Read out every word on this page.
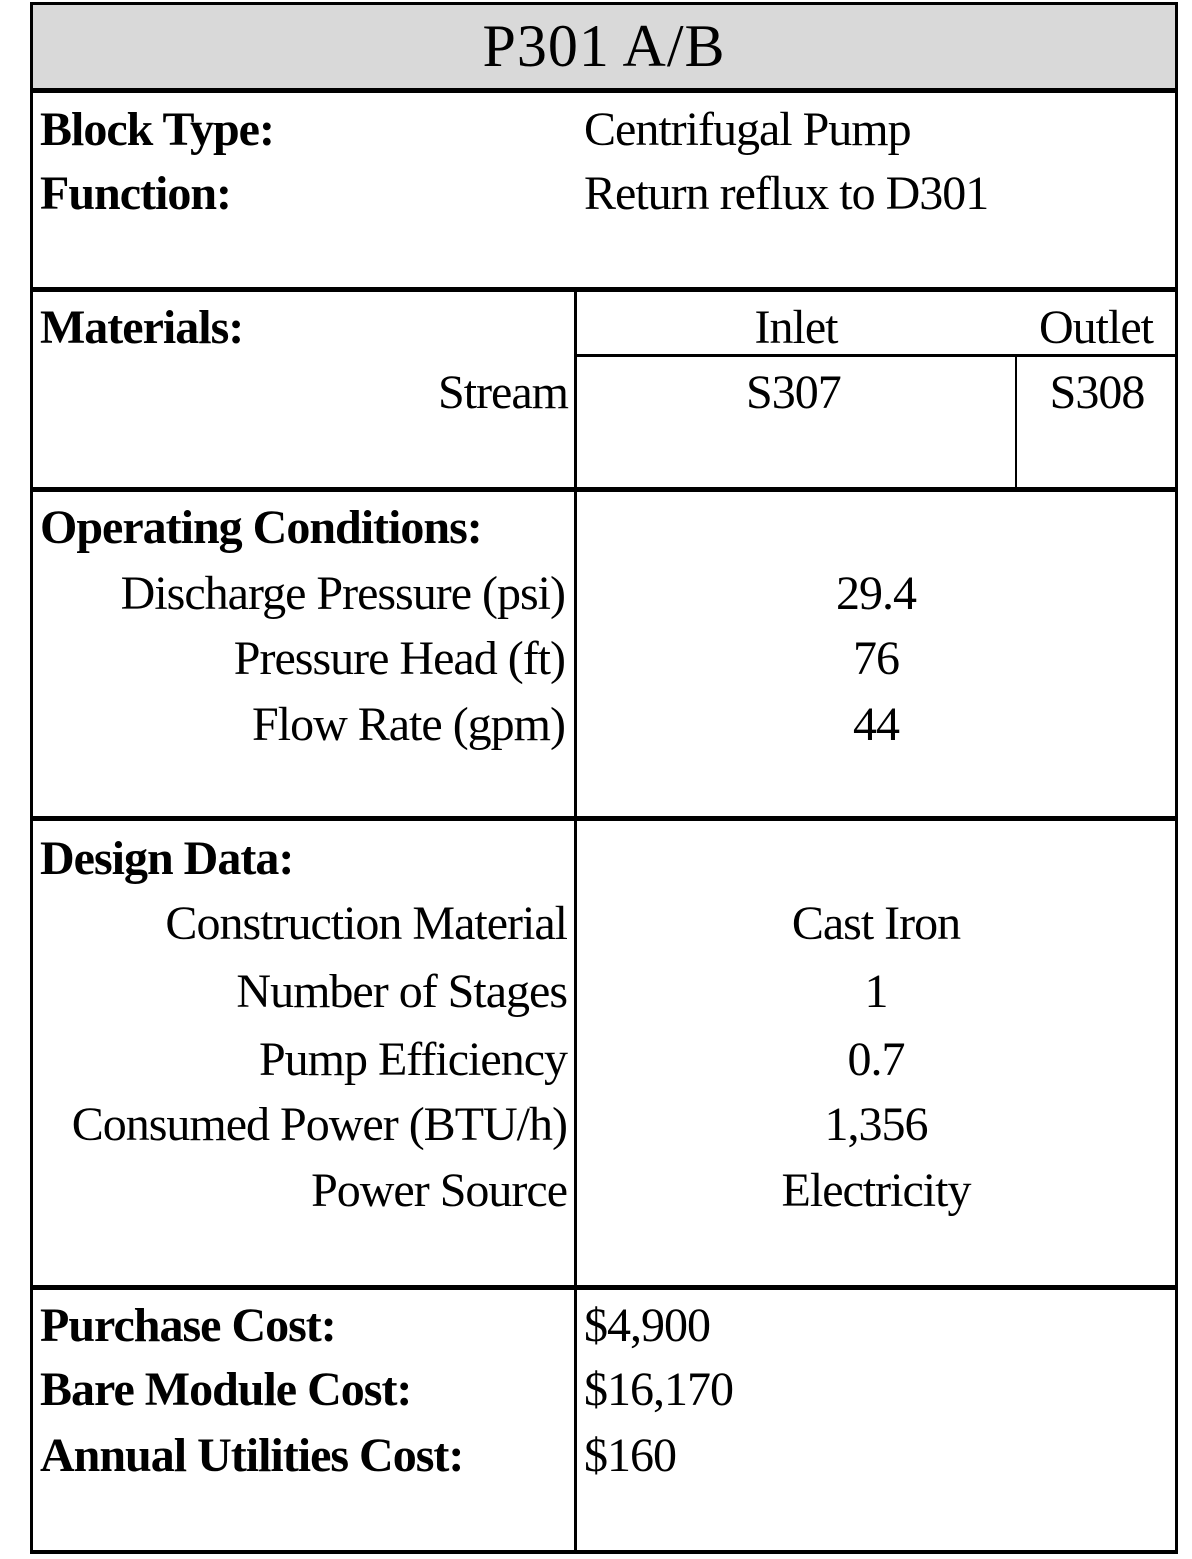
P301 A/B
Block Type:	Centrifugal Pump
Function:	Return reflux to D301
Materials:	Inlet	Outlet
Stream	S307	S308
Operating Conditions:
Discharge Pressure (psi)	29.4
Pressure Head (ft)	76
Flow Rate (gpm)	44
Design Data:
Construction Material	Cast Iron
Number of Stages	1
Pump Efficiency	0.7
Consumed Power (BTU/h)	1,356
Power Source	Electricity
Purchase Cost:	$4,900
Bare Module Cost:	$16,170
Annual Utilities Cost:	$160
